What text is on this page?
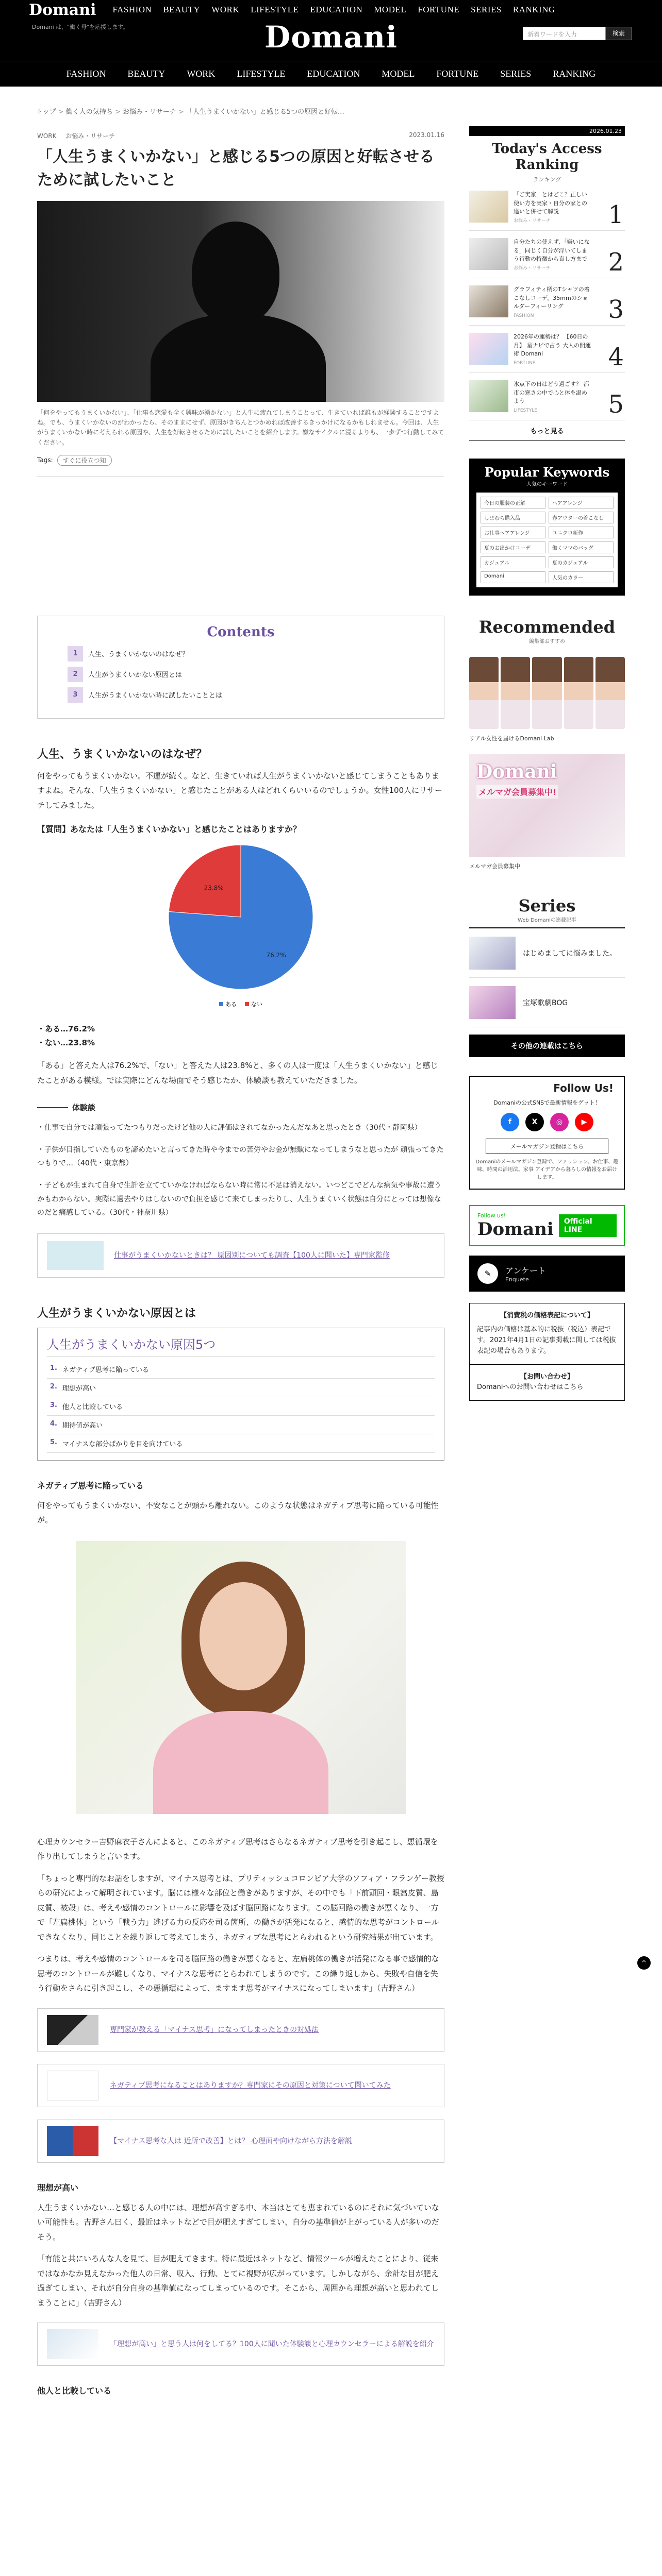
Domani FASHION BEAUTY WORK LIFESTYLE EDUCATION MODEL FORTUNE SERIES RANKING
Domani は、"働く母"を応援します。	Domani	新着ワードを入力	検索
FASHION BEAUTY WORK LIFESTYLE EDUCATION MODEL FORTUNE SERIES RANKING
トップ > 働く人の気持ち > お悩み・リサーチ > 「人生うまくいかない」と感じる5つの原因と好転...
WORK お悩み・リサーチ	2023.01.16
「人生うまくいかない」と感じる5つの原因と好転させるために試したいこと

「何をやってもうまくいかない」、「仕事も恋愛も全く興味が湧かない」と人生に疲れてしまうことって、生きていれば誰もが経験することですよね。でも、うまくいかないのがわかったら、そのままにせず、原因がきちんとつかめれば改善するきっかけになるかもしれません。今回は、人生がうまくいかない時に考えられる原因や、人生を好転させるために試したいことを紹介します。嫌なサイクルに浸るよりも、一歩ずつ行動してみてください。

Tags:	すぐに役立つ知
Contents
1	人生、うまくいかないのはなぜ？
2	人生がうまくいかない原因とは
3	人生がうまくいかない時に試したいこととは
人生、うまくいかないのはなぜ？

何をやってもうまくいかない。不運が続く。など、生きていれば人生がうまくいかないと感じてしまうこともありますよね。そんな、「人生うまくいかない」と感じたことがある人はどれくらいいるのでしょうか。女性100人にリサーチしてみました。

【質問】あなたは「人生うまくいかない」と感じたことはありますか？
23.8%
76.2%
ある	ない
・ある…76.2%
・ない…23.8%

「ある」と答えた人は76.2%で、「ない」と答えた人は23.8%と、多くの人は一度は「人生うまくいかない」と感じたことがある模様。では実際にどんな場面でそう感じたか、体験談も教えていただきました。

体験談

・仕事で自分では頑張ってたつもりだったけど他の人に評価はされてなかったんだなあと思ったとき（30代・静岡県）

・子供が目指していたものを諦めたいと言ってきた時や今までの苦労やお金が無駄になってしまうなと思ったが 頑張ってきたつもりで…（40代・東京都）

・子どもが生まれて自身で生計を立てていかなければならない時に常に不足は消えない。いつどこでどんな病気や事故に遭うかもわからない。実際に過去やりはしないので負担を感じて来てしまったりし、人生うまくいく状態は自分にとっては想像なのだと痛感している。（30代・神奈川県）

仕事がうまくいかないときは？ 原因別についても調査【100人に聞いた】専門家監修
人生がうまくいかない原因とは
人生がうまくいかない原因5つ
1. ネガティブ思考に陥っている
2. 理想が高い
3. 他人と比較している
4. 期待値が高い
5. マイナスな部分ばかりを目を向けている
ネガティブ思考に陥っている

何をやってもうまくいかない、不安なことが頭から離れない。このような状態はネガティブ思考に陥っている可能性が。

心理カウンセラー吉野麻衣子さんによると、このネガティブ思考はさらなるネガティブ思考を引き起こし、悪循環を作り出してしまうと言います。

「ちょっと専門的なお話をしますが、マイナス思考とは、プリティッシュコロンビア大学のソフィア・フランゲー教授らの研究によって解明されています。脳には様々な部位と働きがありますが、その中でも「下前頭回・眼窩皮質、島皮質、被殻」は、考えや感情のコントロールに影響を及ぼす脳回路になります。この脳回路の働きが悪くなり、一方で「左扁桃体」という「戦う力」逃げる力の反応を司る箇所、の働きが活発になると、感情的な思考がコントロールできなくなり、同じことを繰り返して考えてしまう、ネガティブな思考にとらわれるという研究結果が出ています。

つまりは、考えや感情のコントロールを司る脳回路の働きが悪くなると、左扁桃体の働きが活発になる事で感情的な思考のコントロールが難しくなり、マイナスな思考にとらわれてしまうのです。この繰り返しから、失敗や自信を失う行動をさらに引き起こし、その悪循環によって、ますます思考がマイナスになってしまいます」（吉野さん）

専門家が教える「マイナス思考」になってしまったときの対処法
ネガティブ思考になることはありますか？専門家にその原因と対策について聞いてみた
【マイナス思考な人は 近所で改善】とは？ 心理面や向けながら方法を解説
理想が高い

人生うまくいかない…と感じる人の中には、理想が高すぎる中、本当はとても恵まれているのにそれに気づいていない可能性も。吉野さん曰く、最近はネットなどで目が肥えすぎてしまい、自分の基準値が上がっている人が多いのだそう。

「有能と共にいろんな人を見て、目が肥えてきます。特に最近はネットなど、情報ツールが増えたことにより、従来ではなかなか見えなかった他人の日常、収入、行動、とてに視野が広がっています。しかしながら、余計な目が肥え過ぎてしまい、それが自分自身の基準値になってしまっているのです。そこから、周囲から理想が高いと思われてしまうことに」（吉野さん）

「理想が高い」と思う人は何をしてる？100人に聞いた体験談と心理カウンセラーによる解説を紹介
他人と比較している
2026.01.23
Today's Access Ranking
ランキング
「ご実家」とはどこ？正しい使い方を実家・自分の家との違いと併せて解説
お悩み・リサーチ	1
自分たちの使えず、「嫌いになる」同じく自分が浮いてしまう行動の特徴から直し方まで
お悩み・リサーチ	2
グラフィティ柄のTシャツの着こなしコーデ。35mmのショルダーフィーリング
FASHION	3
2026年の運勢は？ 【60日の月】 星ナビで占う 大人の開運術 Domani
FORTUNE	4
氷点下の日はどう過ごす？ 都市の寒さの中で心と体を温めよう
LIFESTYLE	5
もっと見る
Popular Keywords
人気のキーワード
今日の服装の正解	ヘアアレンジ
しまむら購入品	春アウターの着こなし
お仕事ヘアアレンジ	ユニクロ新作
夏のお出かけコーデ	働くママのバッグ
カジュアル	夏のカジュアル
Domani	人気のカラー
Recommended
編集部おすすめ
リアル女性を届けるDomani Lab
Domani
メルマガ会員募集中!
メルマガ会員募集中
Series
Web Domaniの連載記事
はじめましてに悩みました。
宝塚歌劇BOG
その他の連載はこちら
Follow Us!
Domaniの公式SNSで最新情報をゲット！
f	X	◎	▶
メールマガジン登録はこちら
Domaniのメールマガジン登録で、ファッション、お仕事、趣味、時間の活用法、家事 アイデアから暮らしの情報をお届けします。
Follow us!
Domani	Official LINE
✎	アンケート
Enquete
【消費税の価格表記について】
記事内の価格は基本的に税抜（税込）表記です。2021年4月1日の記事掲載に関しては税抜表記の場合もあります。
【お問い合わせ】
Domaniへのお問い合わせはこちら
^
